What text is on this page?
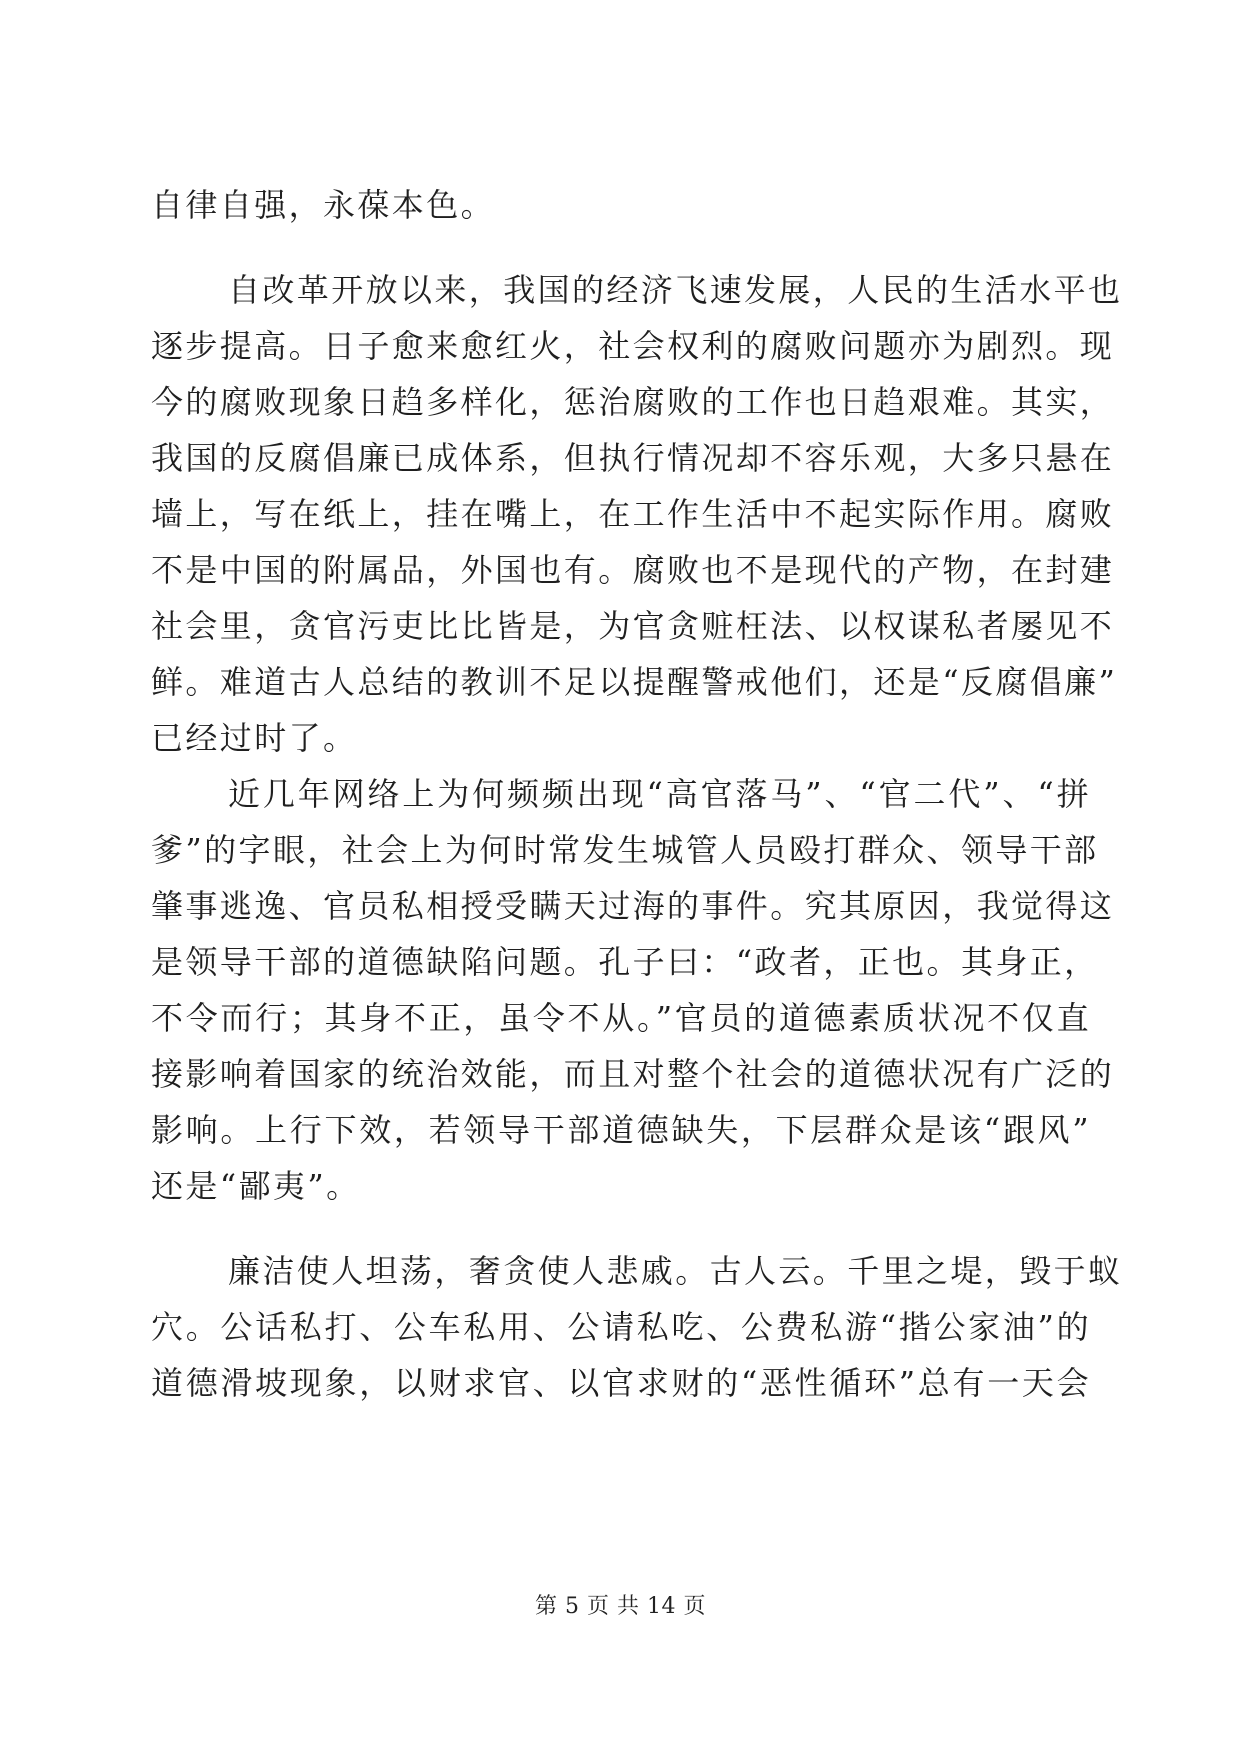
自律自强，永葆本色。
自改革开放以来，我国的经济飞速发展，人民的生活水平也
逐步提高。日子愈来愈红火，社会权利的腐败问题亦为剧烈。现
今的腐败现象日趋多样化，惩治腐败的工作也日趋艰难。其实，
我国的反腐倡廉已成体系，但执行情况却不容乐观，大多只悬在
墙上，写在纸上，挂在嘴上，在工作生活中不起实际作用。腐败
不是中国的附属品，外国也有。腐败也不是现代的产物，在封建
社会里，贪官污吏比比皆是，为官贪赃枉法、以权谋私者屡见不
鲜。难道古人总结的教训不足以提醒警戒他们，还是“反腐倡廉”
已经过时了。
近几年网络上为何频频出现“高官落马”、“官二代”、“拼
爹”的字眼，社会上为何时常发生城管人员殴打群众、领导干部
肇事逃逸、官员私相授受瞒天过海的事件。究其原因，我觉得这
是领导干部的道德缺陷问题。孔子曰：“政者，正也。其身正，
不令而行；其身不正，虽令不从。”官员的道德素质状况不仅直
接影响着国家的统治效能，而且对整个社会的道德状况有广泛的
影响。上行下效，若领导干部道德缺失，下层群众是该“跟风”
还是“鄙夷”。
廉洁使人坦荡，奢贪使人悲戚。古人云。千里之堤，毁于蚁
穴。公话私打、公车私用、公请私吃、公费私游“揩公家油”的
道德滑坡现象，以财求官、以官求财的“恶性循环”总有一天会
第 5 页 共 14 页
